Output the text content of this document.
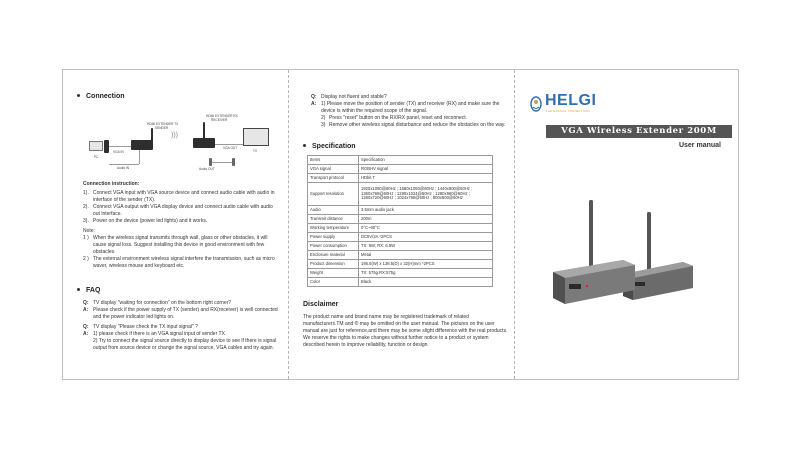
Connection
PC
HDMI EXTENDER TX
SENDER
VGA IN
Audio IN
)))
HDMI EXTENDER RX
RECEIVER
VGA OUT
TV
Audio OUT
Connection instruction:
1). Connect VGA input with VGA source device and connect audio cable with audio in interface of the sender (TX).
2). Connect VGA output with VGA display device and connect audio cable with audio out interface.
3). Power on the device (power led lights) and it works.
Note:
1 ) When the wireless signal transmits through wall, glass or other obstacles, it will cause signal loss. Suggest installing this device in good environment with few obstacles.
2 ) The external environment wireless signal interfere the transmission, such as micro waver, wireless mouse and keyboard etc.
FAQ
Q: TV display "waiting for connection" on the bottom right corner?
A: Please check if the power supply of TX (sender) and RX(receiver) is well connected and the power indicator led lights on.
Q: TV display "Please check the TX input signal" ?
A: 1) please check if there is an VGA signal input of sender TX
2) Try to connect the signal source directly to display device to see if there is signal output from source device or change the signal source, VGA cables and try again.
Q: Display not fluent and stable?
A: 1) Please move the position of sender (TX) and receiver (RX) and make sure the device is within the required scope of the signal.
2) Press "reset" button on the RX/RX panel, reset and reconnect.
3) Remove other wireless signal disturbance and reduce the obstacles on the way.
Specification
Items	Specification
VGA signal	RGBHV signal
Transport protocol	HDbit T
Support resolution	1920x1080@60Hz ; 1680x1050@60Hz ; 1440x900@60Hz ; 1360x768@60Hz ; 1280x1024@60Hz ; 1280x960@60Hz ; 1280x720@60Hz ; 1024x768@60Hz ; 800x600@60Hz
Audio	3.5mm audio jack
Transmit distance	200m
Working temperature	0°C~60°C
Power supply	DC5V/2A *2PCS
Power consumption	TX: 8W; RX: 6.5W
Enclosure material	Metal
Product dimension	195.5(W) x 138.5(D) x 32(H)mm *2PCS
Weight	TX: 575g RX:575g
Color	Black
Disclaimer
The product name and brand name may be registered trademark of related manufacturers.TM and ® may be omitted on the user manual. The pictures on the user manual are just for reference,and there may be some slight difference with the real products.
We reserve the rights to make changes without further notice to a product or system described herein to improve reliability, function or design.
HELGI
THE MAGICAL CONNECTIONS
VGA Wireless Extender 200M
User manual
